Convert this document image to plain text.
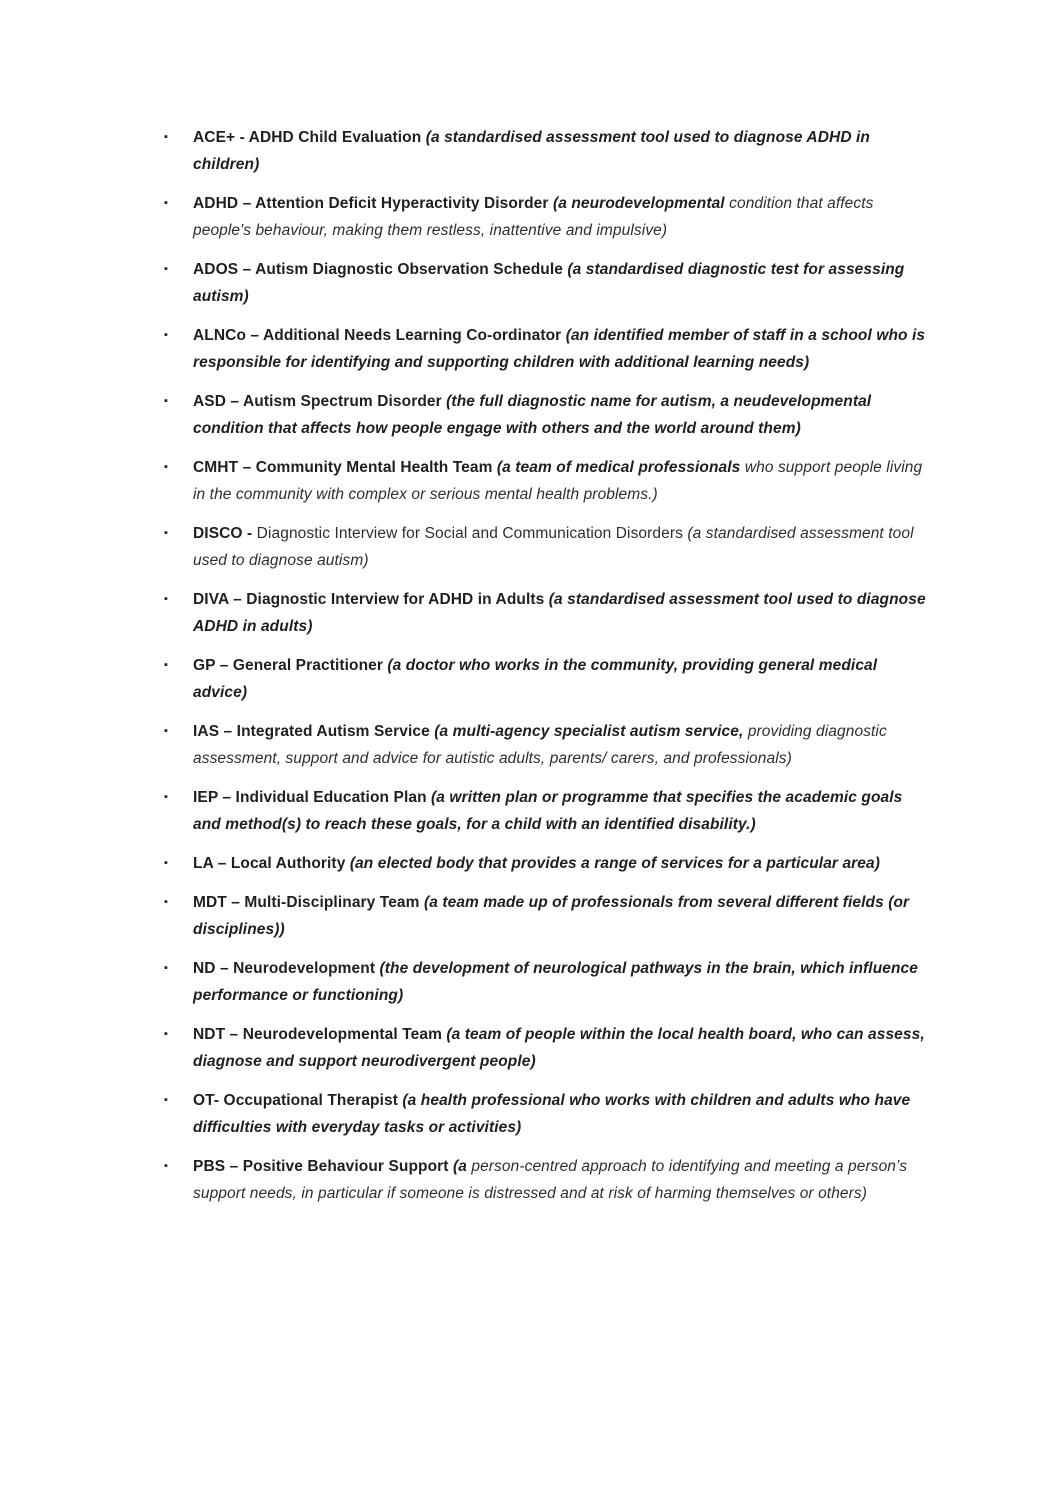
▪ ACE+ - ADHD Child Evaluation (a standardised assessment tool used to diagnose ADHD in children)
▪ ADHD – Attention Deficit Hyperactivity Disorder (a neurodevelopmental condition that affects people's behaviour, making them restless, inattentive and impulsive)
▪ ADOS – Autism Diagnostic Observation Schedule (a standardised diagnostic test for assessing autism)
▪ ALNCo – Additional Needs Learning Co-ordinator (an identified member of staff in a school who is responsible for identifying and supporting children with additional learning needs)
▪ ASD – Autism Spectrum Disorder (the full diagnostic name for autism, a neudevelopmental condition that affects how people engage with others and the world around them)
▪ CMHT – Community Mental Health Team (a team of medical professionals who support people living in the community with complex or serious mental health problems.)
▪ DISCO - Diagnostic Interview for Social and Communication Disorders (a standardised assessment tool used to diagnose autism)
▪ DIVA – Diagnostic Interview for ADHD in Adults (a standardised assessment tool used to diagnose ADHD in adults)
▪ GP – General Practitioner (a doctor who works in the community, providing general medical advice)
▪ IAS – Integrated Autism Service (a multi-agency specialist autism service, providing diagnostic assessment, support and advice for autistic adults, parents/ carers, and professionals)
▪ IEP – Individual Education Plan (a written plan or programme that specifies the academic goals and method(s) to reach these goals, for a child with an identified disability.)
▪ LA – Local Authority (an elected body that provides a range of services for a particular area)
▪ MDT – Multi-Disciplinary Team (a team made up of professionals from several different fields (or disciplines))
▪ ND – Neurodevelopment (the development of neurological pathways in the brain, which influence performance or functioning)
▪ NDT – Neurodevelopmental Team (a team of people within the local health board, who can assess, diagnose and support neurodivergent people)
▪ OT- Occupational Therapist (a health professional who works with children and adults who have difficulties with everyday tasks or activities)
▪ PBS – Positive Behaviour Support (a person-centred approach to identifying and meeting a person’s support needs, in particular if someone is distressed and at risk of harming themselves or others)
